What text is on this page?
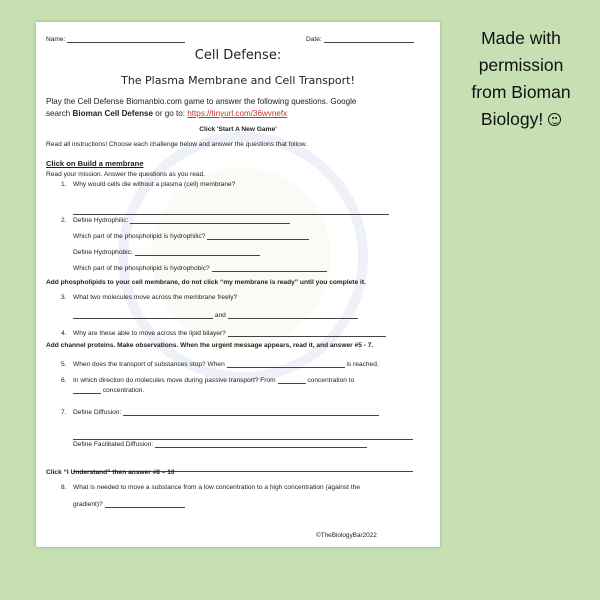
Name:	Date:
Cell Defense:
The Plasma Membrane and Cell Transport!
Play the Cell Defense Biomanbio.com game to answer the following questions. Google
search Bioman Cell Defense or go to: https://tinyurl.com/36wvnefx
Click 'Start A New Game'
Read all instructions! Choose each challenge below and answer the questions that follow.
Click on Build a membrane
Read your mission. Answer the questions as you read.
1. Why would cells die without a plasma (cell) membrane?
2. Define Hydrophilic:
Which part of the phospholipid is hydrophilic?
Define Hydrophobic:
Which part of the phospholipid is hydrophobic?
Add phospholipids to your cell membrane, do not click “my membrane is ready” until you complete it.
3. What two molecules move across the membrane freely?
and
4. Why are these able to move across the lipid bilayer?
Add channel proteins. Make observations. When the urgent message appears, read it, and answer #5 - 7.
5. When does the transport of substances stop? When	is reached.
6. In which direction do molecules move during passive transport? From	concentration to
concentration.
7. Define Diffusion:
Define Facilitated Diffusion:
Click “I Understand” then answer #8 – 10
8. What is needed to move a substance from a low concentration to a high concentration (against the
gradient)?
©TheBiologyBar2022
Made with
permission
from Bioman
Biology!
